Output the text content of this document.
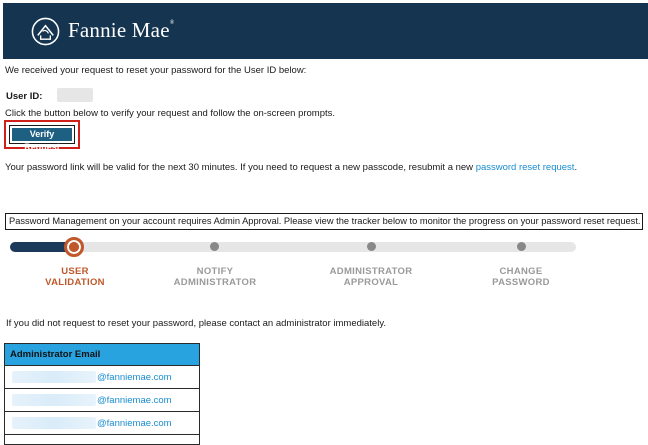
Fannie Mae®
We received your request to reset your password for the User ID below:
User ID:
Click the button below to verify your request and follow the on-screen prompts.
Verify Request
Your password link will be valid for the next 30 minutes. If you need to request a new passcode, resubmit a new password reset request.
Password Management on your account requires Admin Approval. Please view the tracker below to monitor the progress on your password reset request.
USER
VALIDATION
NOTIFY
ADMINISTRATOR
ADMINISTRATOR
APPROVAL
CHANGE
PASSWORD
If you did not request to reset your password, please contact an administrator immediately.
Administrator Email
@fanniemae.com
@fanniemae.com
@fanniemae.com
